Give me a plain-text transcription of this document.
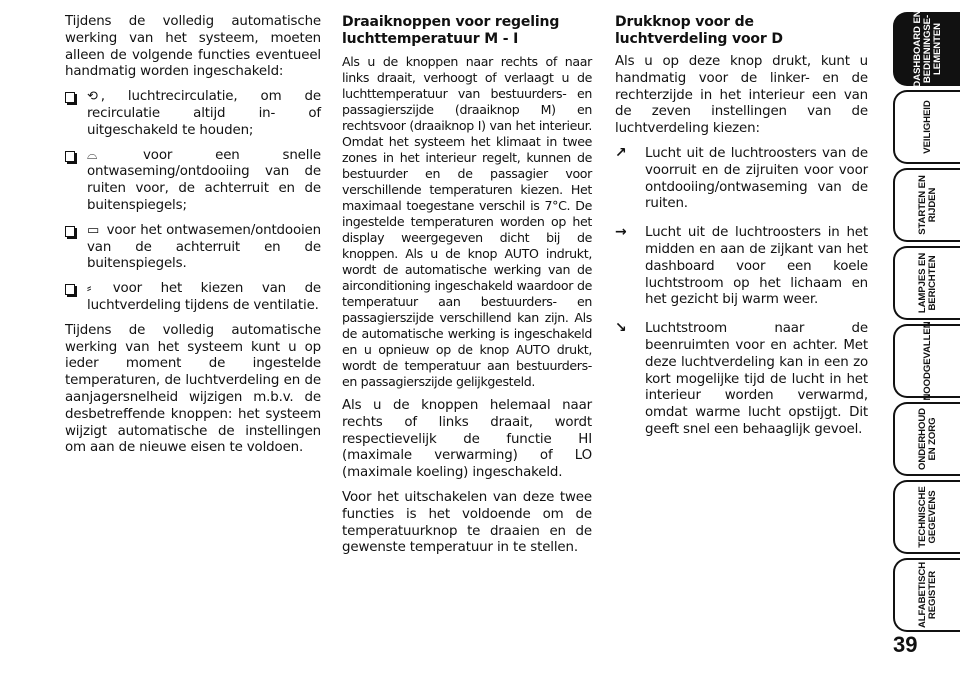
Tijdens de volledig automatische werking van het systeem, moeten alleen de volgende functies eventueel handmatig worden ingeschakeld:

⟲ , luchtrecirculatie, om de recirculatie altijd in- of uitgeschakeld te houden;
⌓	voor een snelle ontwaseming/ontdooiing van de ruiten voor, de achterruit en de buitenspiegels;
▭ voor het ontwasemen/ontdooien van de achterruit en de buitenspiegels.
⸗ voor het kiezen van de luchtverdeling tijdens de ventilatie.

Tijdens de volledig automatische werking van het systeem kunt u op ieder moment de ingestelde temperaturen, de luchtverdeling en de aanjagersnelheid wijzigen m.b.v. de desbetreffende knoppen: het systeem wijzigt automatische de instellingen om aan de nieuwe eisen te voldoen.

Draaiknoppen voor regeling luchttemperatuur M - I

Als u de knoppen naar rechts of naar links draait, verhoogt of verlaagt u de luchttemperatuur van bestuurders- en passagierszijde (draaiknop M) en rechtsvoor (draaiknop I) van het interieur. Omdat het systeem het klimaat in twee zones in het interieur regelt, kunnen de bestuurder en de passagier voor verschillende temperaturen kiezen. Het maximaal toegestane verschil is 7°C. De ingestelde temperaturen worden op het display weergegeven dicht bij de knoppen. Als u de knop AUTO indrukt, wordt de automatische werking van de airconditioning ingeschakeld waardoor de temperatuur aan bestuurders- en passagierszijde verschillend kan zijn. Als de automatische werking is ingeschakeld en u opnieuw op de knop AUTO drukt, wordt de temperatuur aan bestuurders- en passagierszijde gelijkgesteld.

Als u de knoppen helemaal naar rechts of links draait, wordt respectievelijk de functie HI (maximale verwarming) of LO (maximale koeling) ingeschakeld.

Voor het uitschakelen van deze twee functies is het voldoende om de temperatuurknop te draaien en de gewenste temperatuur in te stellen.

Drukknop voor de luchtverdeling voor D

Als u op deze knop drukt, kunt u handmatig voor de linker- en de rechterzijde in het interieur een van de zeven instellingen van de luchtverdeling kiezen:

↗ Lucht uit de luchtroosters van de voorruit en de zijruiten voor voor ontdooiing/ontwaseming van de ruiten.
→ Lucht uit de luchtroosters in het midden en aan de zijkant van het dashboard voor een koele luchtstroom op het lichaam en het gezicht bij warm weer.
↘ Luchtstroom naar de beenruimten voor en achter. Met deze luchtverdeling kan in een zo kort mogelijke tijd de lucht in het interieur worden verwarmd, omdat warme lucht opstijgt. Dit geeft snel een behaaglijk gevoel.
DASHBOARD EN
BEDIENINGSE-
LEMENTEN
VEILIGHEID
STARTEN EN
RIJDEN
LAMPJES EN
BERICHTEN
NOODGEVALLEN
ONDERHOUD
EN ZORG
TECHNISCHE
GEGEVENS
ALFABETISCH
REGISTER
39
